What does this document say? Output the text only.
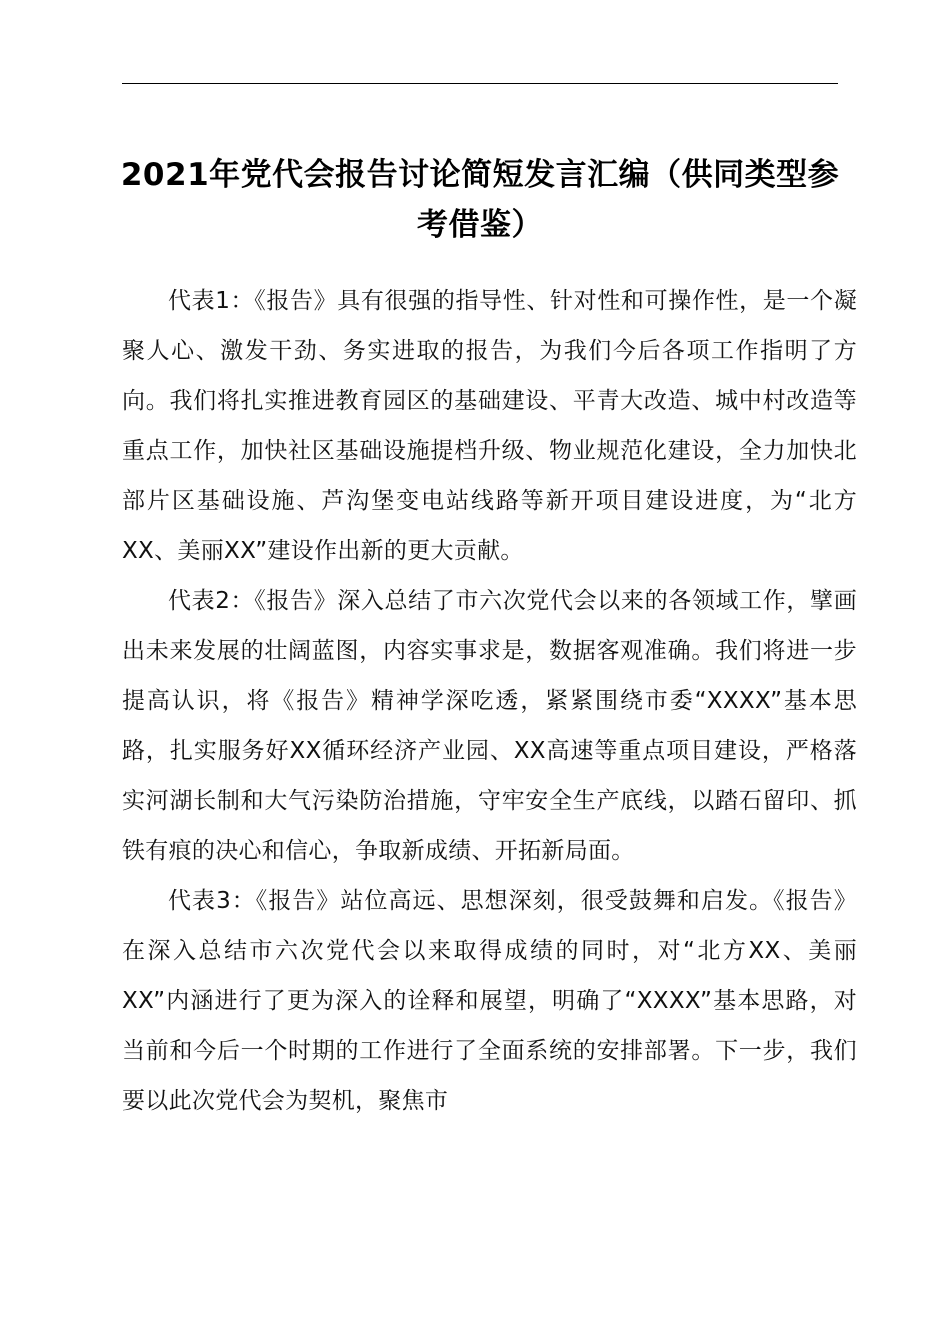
2021年党代会报告讨论简短发言汇编（供同类型参考借鉴）

代表1：《报告》具有很强的指导性、针对性和可操作性，是一个凝聚人心、激发干劲、务实进取的报告，为我们今后各项工作指明了方向。我们将扎实推进教育园区的基础建设、平青大改造、城中村改造等重点工作，加快社区基础设施提档升级、物业规范化建设，全力加快北部片区基础设施、芦沟堡变电站线路等新开项目建设进度，为“北方XX、美丽XX”建设作出新的更大贡献。

代表2：《报告》深入总结了市六次党代会以来的各领域工作，擘画出未来发展的壮阔蓝图，内容实事求是，数据客观准确。我们将进一步提高认识，将《报告》精神学深吃透，紧紧围绕市委“XXXX”基本思路，扎实服务好XX循环经济产业园、XX高速等重点项目建设，严格落实河湖长制和大气污染防治措施，守牢安全生产底线，以踏石留印、抓铁有痕的决心和信心，争取新成绩、开拓新局面。

代表3：《报告》站位高远、思想深刻，很受鼓舞和启发。《报告》在深入总结市六次党代会以来取得成绩的同时，对“北方XX、美丽XX”内涵进行了更为深入的诠释和展望，明确了“XXXX”基本思路，对当前和今后一个时期的工作进行了全面系统的安排部署。下一步，我们要以此次党代会为契机，聚焦市
